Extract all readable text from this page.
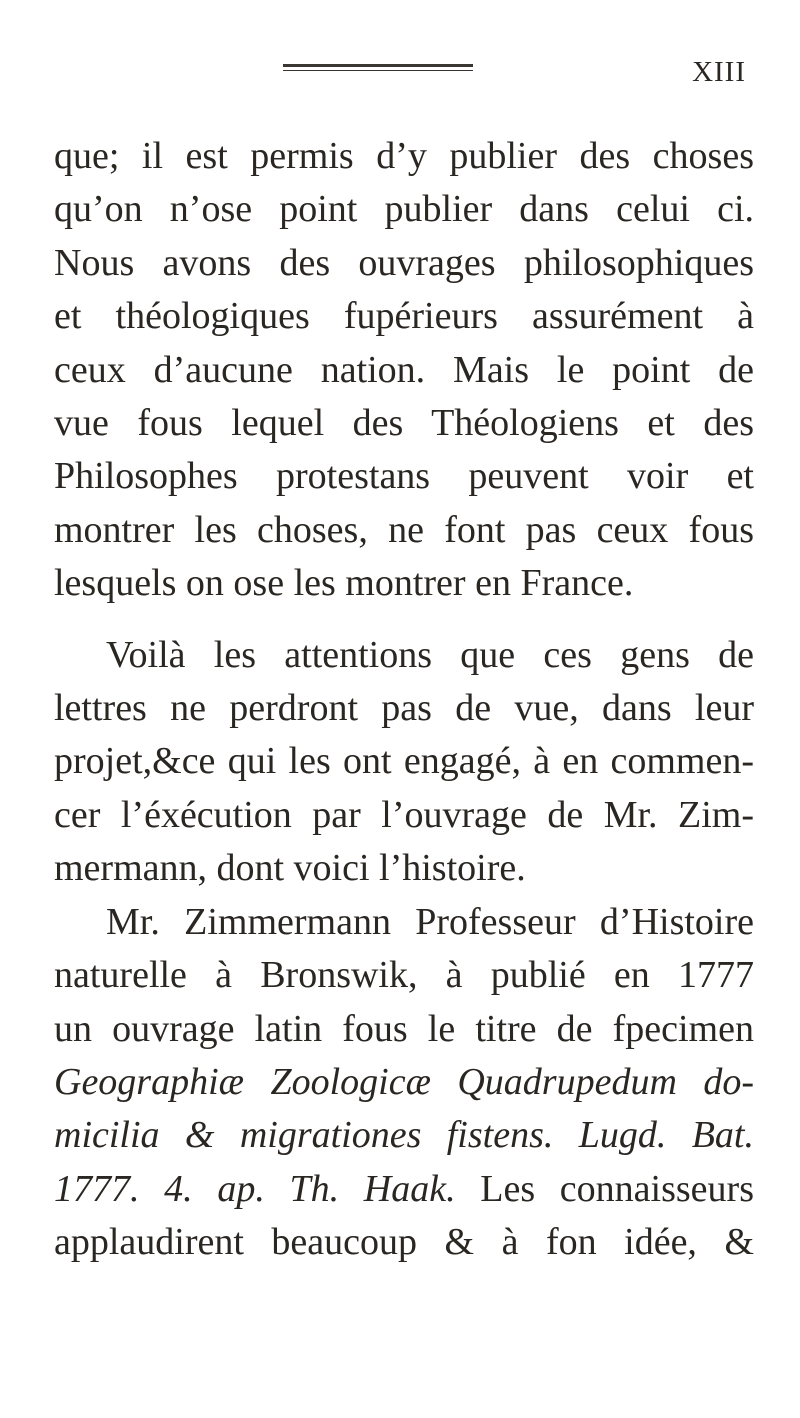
XIII
que; il est permis d’y publier des choses
qu’on n’ose point publier dans celui ci.
Nous avons des ouvrages philosophiques
et théologiques fupérieurs assurément à
ceux d’aucune nation. Mais le point de
vue fous lequel des Théologiens et des
Philosophes protestans peuvent voir et
montrer les choses, ne font pas ceux fous
lesquels on ose les montrer en France.
Voilà les attentions que ces gens de
lettres ne perdront pas de vue, dans leur
projet,&ce qui les ont engagé, à en commen-
cer l’éxécution par l’ouvrage de Mr. Zim-
mermann, dont voici l’histoire.
Mr. Zimmermann Professeur d’Histoire
naturelle à Bronswik, à publié en 1777
un ouvrage latin fous le titre de fpecimen
Geographiæ Zoologicæ Quadrupedum do-
micilia & migrationes fistens. Lugd. Bat.
1777. 4. ap. Th. Haak. Les connaisseurs
applaudirent beaucoup & à fon idée, &
